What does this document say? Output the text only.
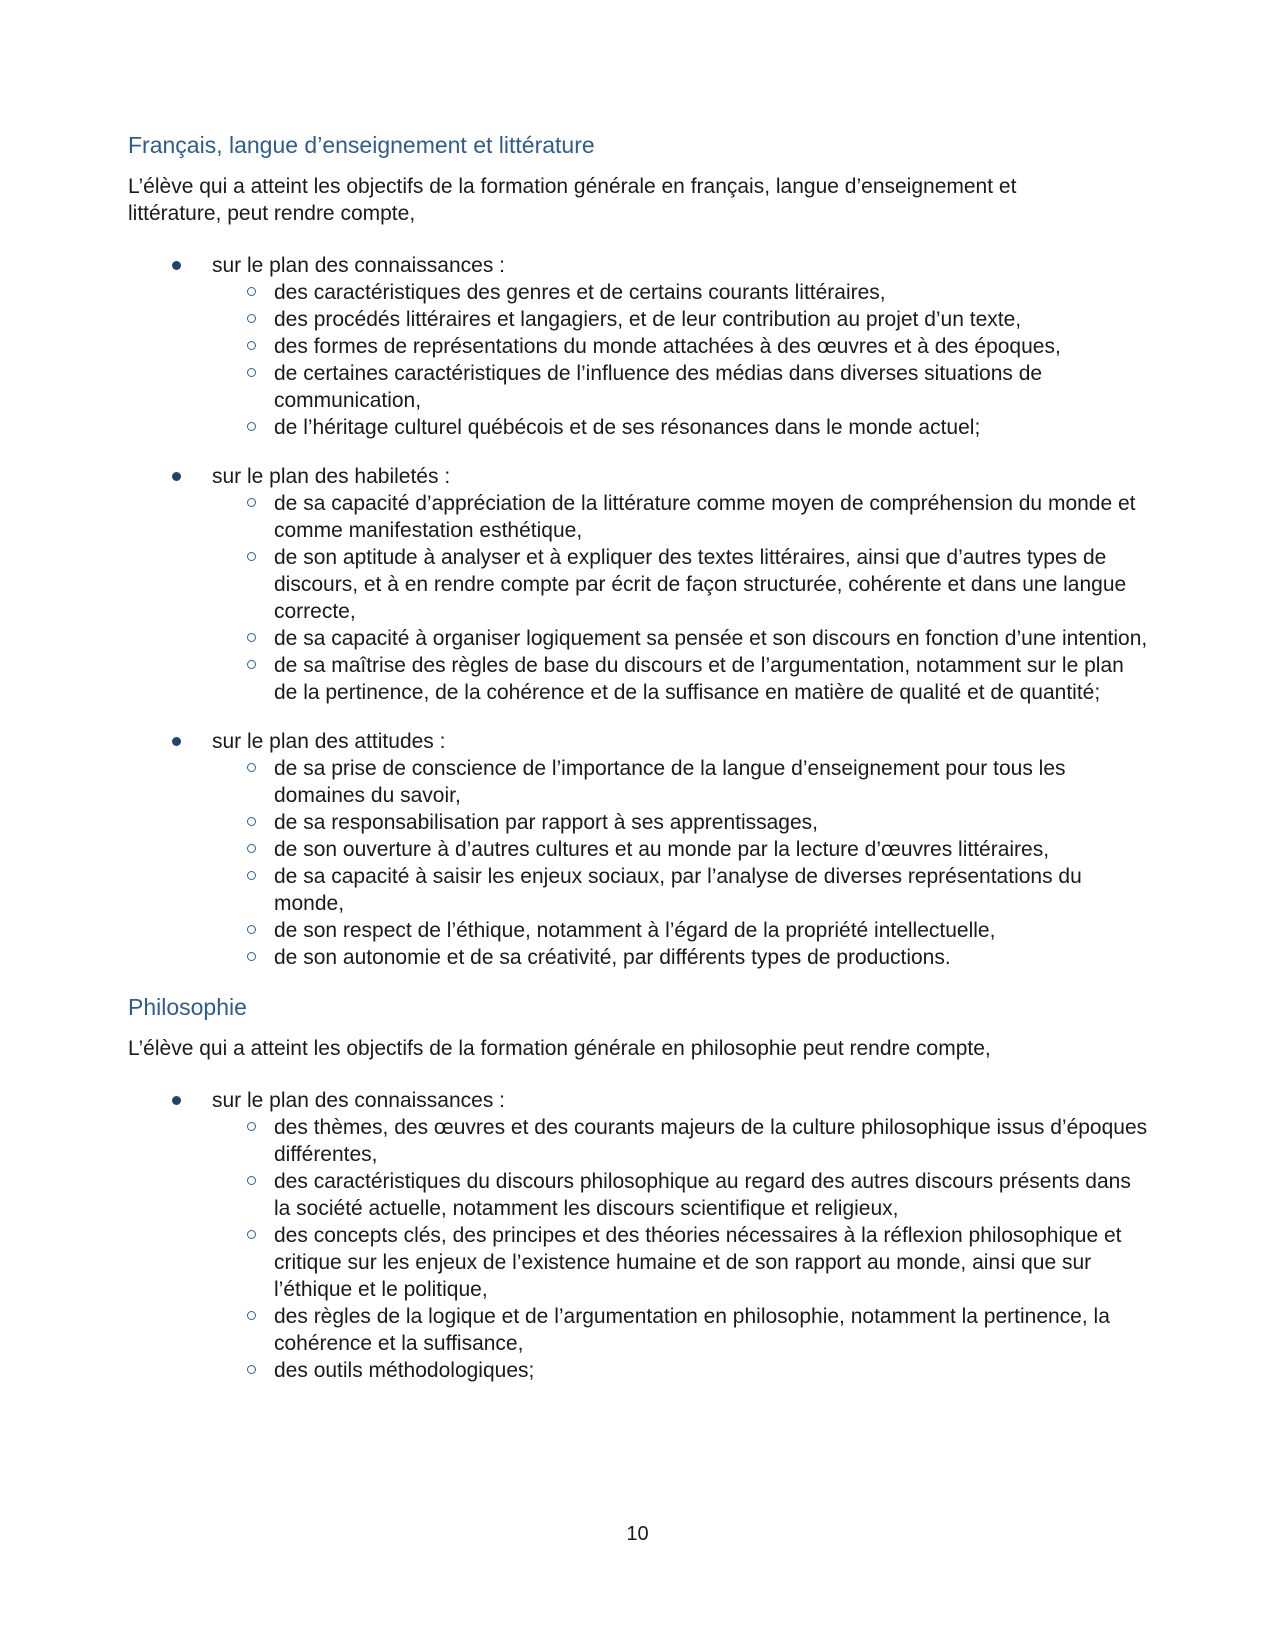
Français, langue d’enseignement et littérature

L’élève qui a atteint les objectifs de la formation générale en français, langue d’enseignement et littérature, peut rendre compte,

sur le plan des connaissances :
des caractéristiques des genres et de certains courants littéraires,
des procédés littéraires et langagiers, et de leur contribution au projet d’un texte,
des formes de représentations du monde attachées à des œuvres et à des époques,
de certaines caractéristiques de l’influence des médias dans diverses situations de communication,
de l’héritage culturel québécois et de ses résonances dans le monde actuel;
sur le plan des habiletés :
de sa capacité d’appréciation de la littérature comme moyen de compréhension du monde et comme manifestation esthétique,
de son aptitude à analyser et à expliquer des textes littéraires, ainsi que d’autres types de discours, et à en rendre compte par écrit de façon structurée, cohérente et dans une langue correcte,
de sa capacité à organiser logiquement sa pensée et son discours en fonction d’une intention,
de sa maîtrise des règles de base du discours et de l’argumentation, notamment sur le plan de la pertinence, de la cohérence et de la suffisance en matière de qualité et de quantité;
sur le plan des attitudes :
de sa prise de conscience de l’importance de la langue d’enseignement pour tous les domaines du savoir,
de sa responsabilisation par rapport à ses apprentissages,
de son ouverture à d’autres cultures et au monde par la lecture d’œuvres littéraires,
de sa capacité à saisir les enjeux sociaux, par l’analyse de diverses représentations du monde,
de son respect de l’éthique, notamment à l’égard de la propriété intellectuelle,
de son autonomie et de sa créativité, par différents types de productions.
Philosophie

L’élève qui a atteint les objectifs de la formation générale en philosophie peut rendre compte,

sur le plan des connaissances :
des thèmes, des œuvres et des courants majeurs de la culture philosophique issus d’époques différentes,
des caractéristiques du discours philosophique au regard des autres discours présents dans la société actuelle, notamment les discours scientifique et religieux,
des concepts clés, des principes et des théories nécessaires à la réflexion philosophique et critique sur les enjeux de l’existence humaine et de son rapport au monde, ainsi que sur l’éthique et le politique,
des règles de la logique et de l’argumentation en philosophie, notamment la pertinence, la cohérence et la suffisance,
des outils méthodologiques;
10
